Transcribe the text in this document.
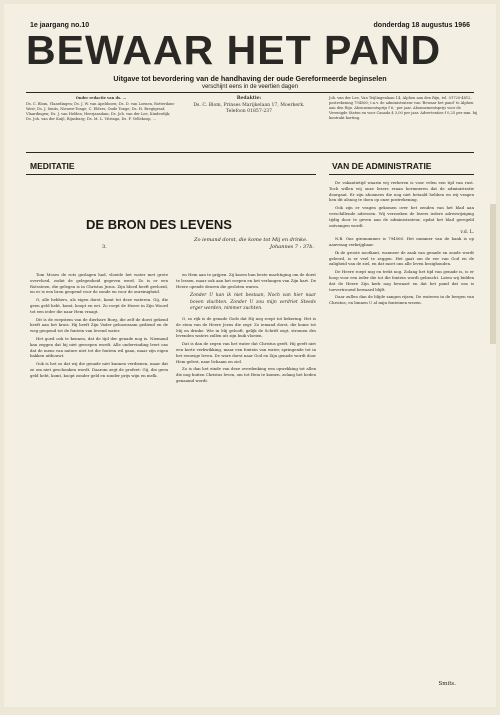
1e jaargang no.10	donderdag 18 augustus 1966
BEWAAR HET PAND
Uitgave tot bevordering van de handhaving der oude Gereformeerde beginselen
verschijnt eens in de veertien dagen
Onder redactie van ds. ...
Ds. C. Blom, Vlaardingen; Ds. J. W. van Apeldoorn; Ds. D. van Loenen, Rotterdam-West; Ds. J. Smits, Nieuwe-Tonge; C. Elders, Oude Tonge; Ds. H. Bregtgraaf, Vlaardingen; Ds. J. van Helden, Heerjansdam; Ds. Joh. van der Lee, Kinderdijk; Ds. Joh. van der Kuijl, Rijnsburg; Ds. M. L. Vitringa, Ds. F. Vellekoop, ...
Redaktie:
Ds. C. Blom, Prinses Marijkelaan 17, Moerkerk. Telefoon 01857-237
Joh. van der Lee, Van Teijlingenlaan 14, Alphen aan den Rijn, tel. 01720-4812, postrekening 794560; t.n.v. de administrateur van 'Bewaar het pand' te Alphen aan den Rijn. Abonnementsprijs f 6,- per jaar. Abonnementsprijs voor de Verenigde Staten en voor Canada $ 3,00 per jaar. Advertenties f 0,25 per mm. bij kontrakt korting.
MEDITATIE
DE BRON DES LEVENS
Zo iemand dorst, die kome tot Mij en drinke.
Johannes 7 : 37b.
3.

Tom Moses de rots geslagen had, vloeide het water met grote overvloed, zodat de gelegenheid gegeven werd. Zo is er een Rotssteen, die gelegen is in Christus Jezus. Zijn bloed heeft gevloeid, en er is een bron geopend voor de zonde en voor de onreinigheid.

O, alle hebbers, als eigen dorst, komt tot deze wateren. Gij, die geen geld hebt, komt, koopt en eet. Zo roept de Heere in Zijn Woord tot een ieder die naar Hem vraagt.

Dit is de roepstem van de dierbare Borg, die zelf de dorst gekend heeft aan het kruis. Hij heeft Zijn Vader gehoorzaam gediend en de weg geopend tot de fontein van levend water.

Het goed ook te kennen, dat de tijd der genade nog is. Niemand kan zeggen dat hij niet geroepen wordt. Alle ondervinding leert ons dat de mens van nature niet tot die fontein wil gaan, maar zijn eigen bakken uithouwt.

Ook is het zo dat wij die genade niet kunnen verdienen, maar dat ze om niet geschonken wordt. Daarom zegt de profeet: Gij, die geen geld hebt, komt, koopt zonder geld en zonder prijs wijn en melk.

en Hem aan te grijpen. Zij kozen hun beste machtiging om de dorst te lessen, maar ook aan het roepen en het verlangen van Zijn hart. De Heere opende deuren die gesloten waren.

Zonder U kan ik niet bestaan, Noch van hier naar boven vluchten. Zonder U zou mijn verdriet Steeds erger worden, nimmer zuchten.

O, zo rijk is de genade Gods dat Hij nog roept tot bekering. Het is de stem van de Heere Jezus die zegt: Zo iemand dorst, die kome tot Mij en drinke. Wie in Mij gelooft, gelijk de Schrift zegt, stromen des levenden waters zullen uit zijn buik vloeien.

Dat is dan de zegen van het water dat Christus geeft. Hij geeft niet een korte verkwikking, maar een fontein van water, springende tot in het eeuwige leven. De ware dorst naar God en Zijn genade wordt door Hem gelest, naar lichaam en ziel.

Zo is dan het einde van deze overdenking een opwekking tot allen die nog buiten Christus leven, om tot Hem te komen, zolang het heden genaamd wordt.

VAN DE ADMINISTRATIE

De vakantietijd waarin wij verkeren is voor velen een tijd van rust. Toch willen wij onze lezers eraan herinneren dat de administratie doorgaat. Er zijn abonnees die nog niet betaald hebben en wij vragen hen dit alsnog te doen op onze postrekening.

Ook zijn er vragen gekomen over het zenden van het blad aan verschillende adressen. Wij verzoeken de lezers iedere adreswijziging tijdig door te geven aan de administrateur, opdat het blad geregeld ontvangen wordt.

v.d. L.

N.B. Ons gironummer is 794560. Het nummer van de bank is op aanvraag verkrijgbaar.

Ik de groote nootkant, wanneer de zaak van genade en zonde wordt geleerd, is er veel te zeggen. Het gaat om de eer van God en de zaligheid van de ziel, en dat moet ons alle leven bezighouden.

De Heere roept nog en trekt nog. Zolang het tijd van genade is, is er hoop voor een ieder die tot die fontein wordt gebracht. Laten wij bidden dat de Heere Zijn kerk nog bewaart en dat het pand dat ons is toevertrouwd bewaard blijft.

Daar zullen dan de blijde zangen rijzen, De wateren in de bergen van Christus; en binnen U al mijn fonteinen wezen.

Smits.
